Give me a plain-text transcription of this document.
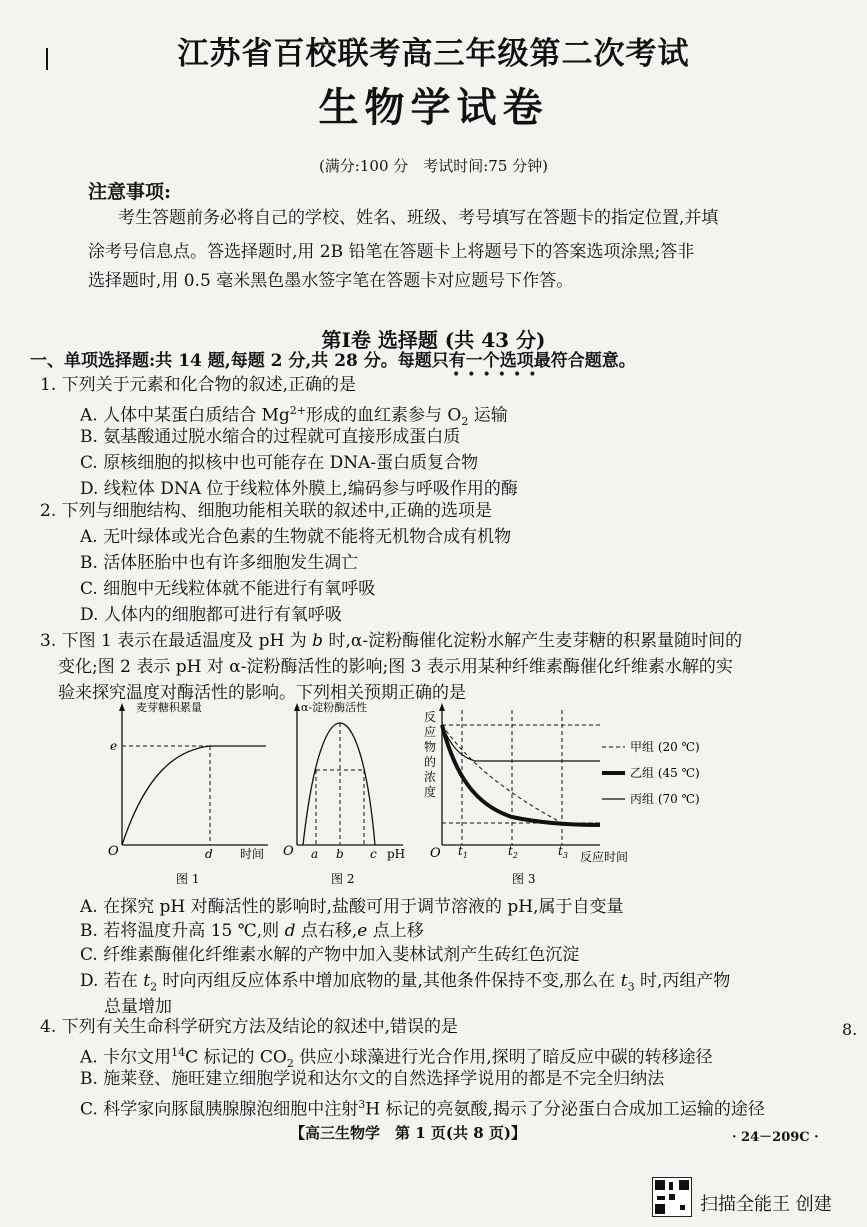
江苏省百校联考高三年级第二次考试
生物学试卷
(满分:100 分　考试时间:75 分钟)
注意事项:
考生答题前务必将自己的学校、姓名、班级、考号填写在答题卡的指定位置,并填
涂考号信息点。答选择题时,用 2B 铅笔在答题卡上将题号下的答案选项涂黑;答非
选择题时,用 0.5 毫米黑色墨水签字笔在答题卡对应题号下作答。
第Ⅰ卷 选择题 (共 43 分)
一、单项选择题:共 14 题,每题 2 分,共 28 分。每题只有一个选项最符合题意。
••••••
1. 下列关于元素和化合物的叙述,正确的是
A. 人体中某蛋白质结合 $Mg^{2+}$形成的血红素参与 $O_2$ 运输
B. 氨基酸通过脱水缩合的过程就可直接形成蛋白质
C. 原核细胞的拟核中也可能存在 DNA-蛋白质复合物
D. 线粒体 DNA 位于线粒体外膜上,编码参与呼吸作用的酶
2. 下列与细胞结构、细胞功能相关联的叙述中,正确的选项是
A. 无叶绿体或光合色素的生物就不能将无机物合成有机物
B. 活体胚胎中也有许多细胞发生凋亡
C. 细胞中无线粒体就不能进行有氧呼吸
D. 人体内的细胞都可进行有氧呼吸
3. 下图 1 表示在最适温度及 pH 为 b 时,α-淀粉酶催化淀粉水解产生麦芽糖的积累量随时间的
变化;图 2 表示 pH 对 α-淀粉酶活性的影响;图 3 表示用某种纤维素酶催化纤维素水解的实
验来探究温度对酶活性的影响。下列相关预期正确的是
麦芽糖积累量
e
O	d 时间
图 1
α-淀粉酶活性
O a b c pH
图 2
反
应
物
的
浓
度
O $t_1$	$t_2$	$t_3$ 反应时间
甲组 (20 ℃)
乙组 (45 ℃)
丙组 (70 ℃)
图 3
A. 在探究 pH 对酶活性的影响时,盐酸可用于调节溶液的 pH,属于自变量
B. 若将温度升高 15 ℃,则 d 点右移,e 点上移
C. 纤维素酶催化纤维素水解的产物中加入斐林试剂产生砖红色沉淀
D. 若在 $t_2$ 时向丙组反应体系中增加底物的量,其他条件保持不变,那么在 $t_3$ 时,丙组产物
总量增加
4. 下列有关生命科学研究方法及结论的叙述中,错误的是
A. 卡尔文用$^{14}$C 标记的 $CO_2$ 供应小球藻进行光合作用,探明了暗反应中碳的转移途径
B. 施莱登、施旺建立细胞学说和达尔文的自然选择学说用的都是不完全归纳法
C. 科学家向豚鼠胰腺腺泡细胞中注射$^3$H 标记的亮氨酸,揭示了分泌蛋白合成加工运输的途径
【高三生物学　第 1 页(共 8 页)】	· 24－209C ·
8.
扫描全能王 创建
